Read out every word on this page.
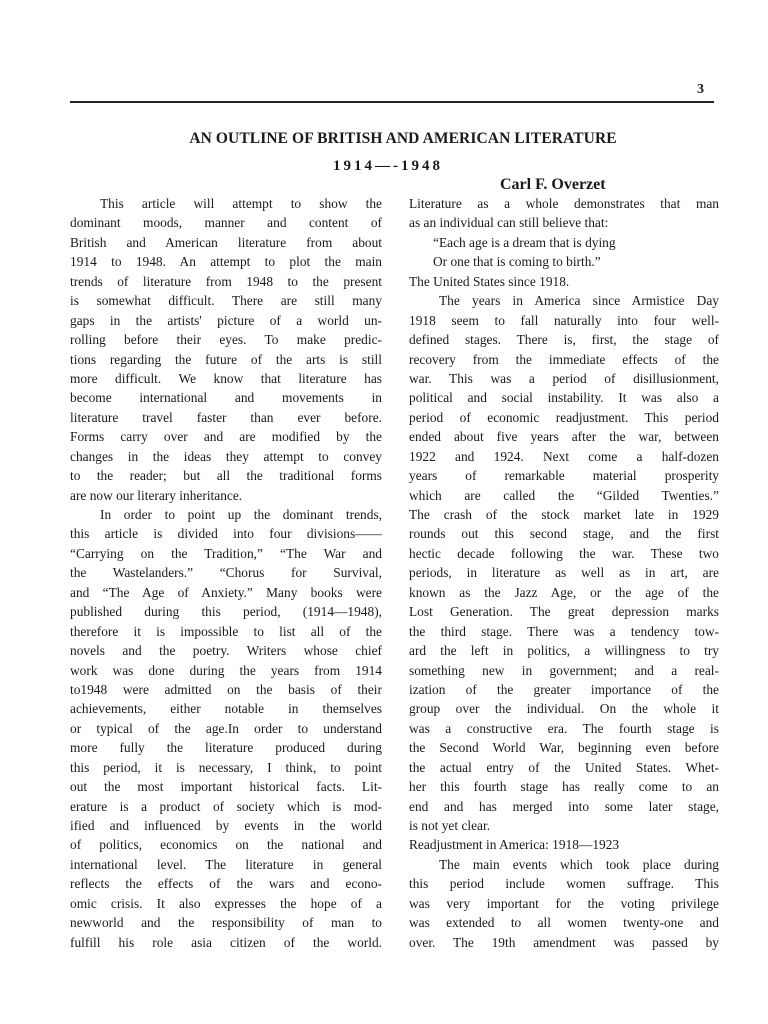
3
AN OUTLINE OF BRITISH AND AMERICAN LITERATURE
1914—-1948
Carl F. Overzet
This article will attempt to show the
dominant moods, manner and content of
British and American literature from about
1914 to 1948. An attempt to plot the main
trends of literature from 1948 to the present
is somewhat difficult. There are still many
gaps in the artists' picture of a world un-
rolling before their eyes. To make predic-
tions regarding the future of the arts is still
more difficult. We know that literature has
become international and movements in
literature travel faster than ever before.
Forms carry over and are modified by the
changes in the ideas they attempt to convey
to the reader; but all the traditional forms
are now our literary inheritance.
In order to point up the dominant trends,
this article is divided into four divisions——
“Carrying on the Tradition,” “The War and
the Wastelanders.” “Chorus for Survival,
and “The Age of Anxiety.” Many books were
published during this period, (1914—1948),
therefore it is impossible to list all of the
novels and the poetry. Writers whose chief
work was done during the years from 1914
to1948 were admitted on the basis of their
achievements, either notable in themselves
or typical of the age.In order to understand
more fully the literature produced during
this period, it is necessary, I think, to point
out the most important historical facts. Lit-
erature is a product of society which is mod-
ified and influenced by events in the world
of politics, economics on the national and
international level. The literature in general
reflects the effects of the wars and econo-
omic crisis. It also expresses the hope of a
newworld and the responsibility of man to
fulfill his role asia citizen of the world.
Literature as a whole demonstrates that man
as an individual can still believe that:
“Each age is a dream that is dying
Or one that is coming to birth.”
The United States since 1918.
The years in America since Armistice Day
1918 seem to fall naturally into four well-
defined stages. There is, first, the stage of
recovery from the immediate effects of the
war. This was a period of disillusionment,
political and social instability. It was also a
period of economic readjustment. This period
ended about five years after the war, between
1922 and 1924. Next come a half-dozen
years of remarkable material prosperity
which are called the “Gilded Twenties.”
The crash of the stock market late in 1929
rounds out this second stage, and the first
hectic decade following the war. These two
periods, in literature as well as in art, are
known as the Jazz Age, or the age of the
Lost Generation. The great depression marks
the third stage. There was a tendency tow-
ard the left in politics, a willingness to try
something new in government; and a real-
ization of the greater importance of the
group over the individual. On the whole it
was a constructive era. The fourth stage is
the Second World War, beginning even before
the actual entry of the United States. Whet-
her this fourth stage has really come to an
end and has merged into some later stage,
is not yet clear.
Readjustment in America: 1918—1923
The main events which took place during
this period include women suffrage. This
was very important for the voting privilege
was extended to all women twenty-one and
over. The 19th amendment was passed by
